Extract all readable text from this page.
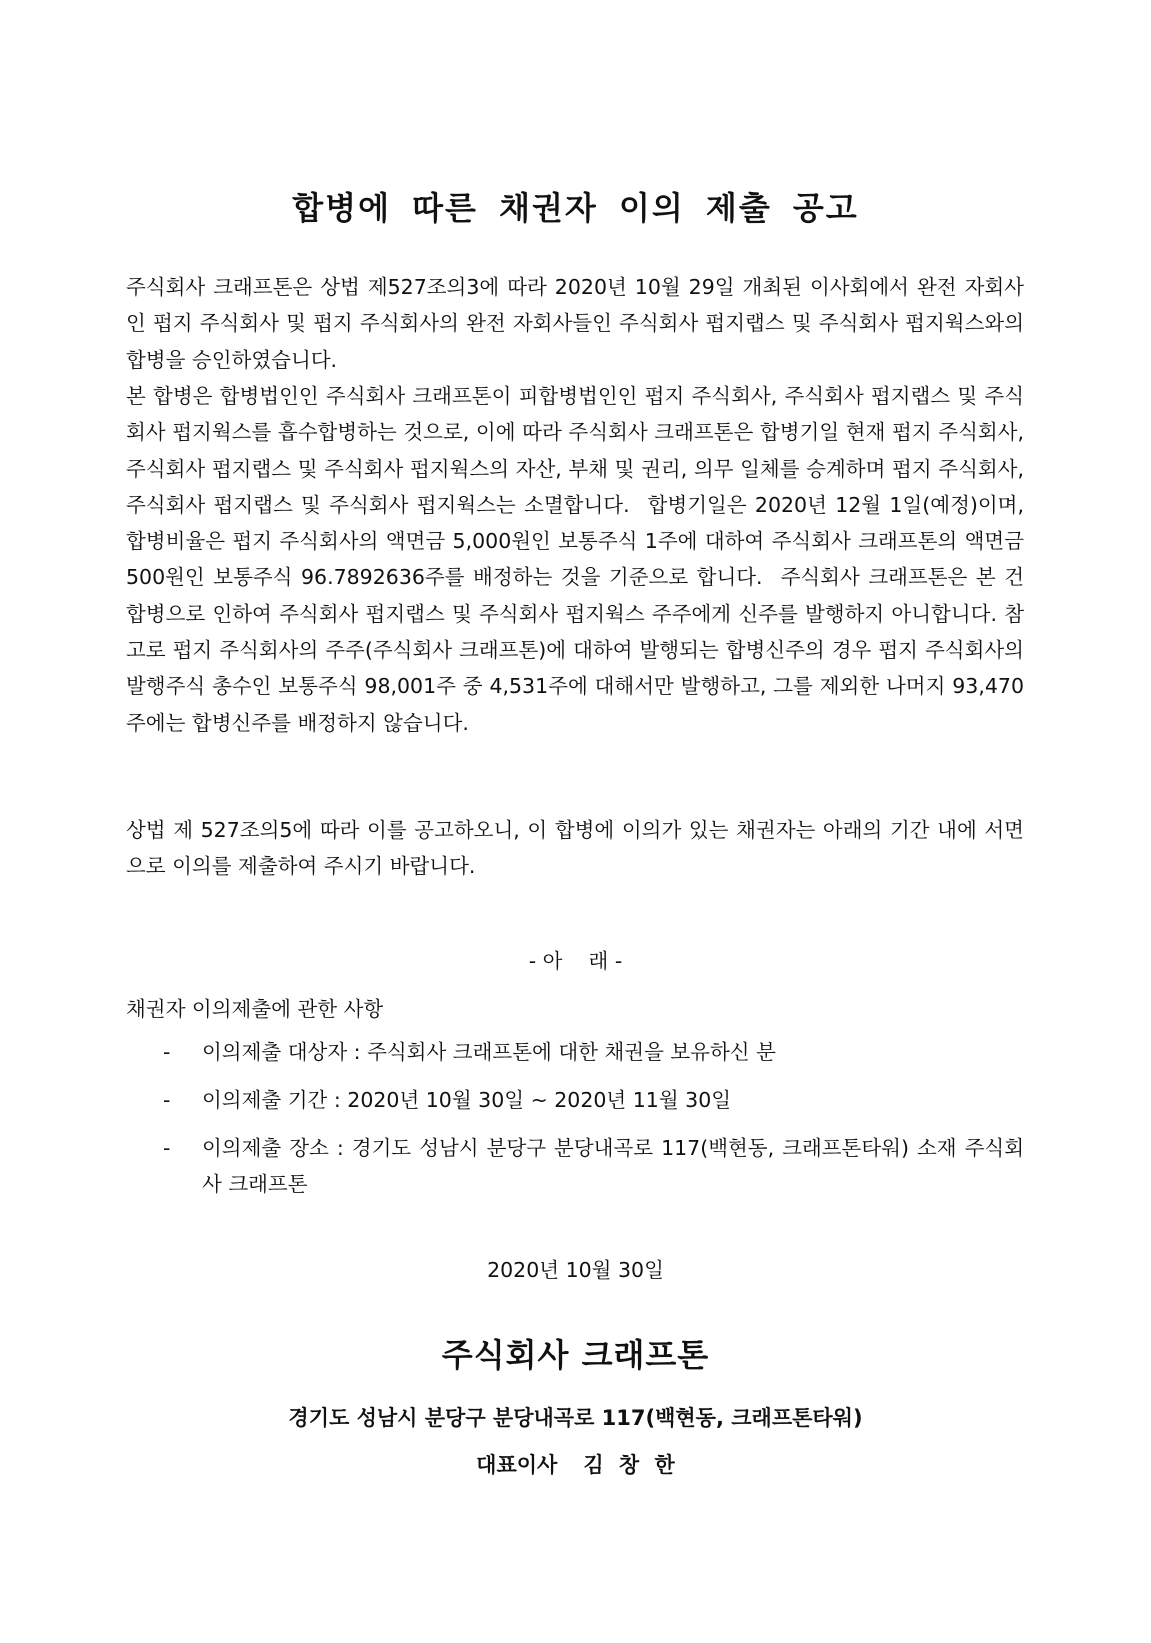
합병에 따른 채권자 이의 제출 공고

주식회사 크래프톤은 상법 제527조의3에 따라 2020년 10월 29일 개최된 이사회에서 완전 자회사인 펍지 주식회사 및 펍지 주식회사의 완전 자회사들인 주식회사 펍지랩스 및 주식회사 펍지웍스와의 합병을 승인하였습니다.

본 합병은 합병법인인 주식회사 크래프톤이 피합병법인인 펍지 주식회사, 주식회사 펍지랩스 및 주식회사 펍지웍스를 흡수합병하는 것으로, 이에 따라 주식회사 크래프톤은 합병기일 현재 펍지 주식회사, 주식회사 펍지랩스 및 주식회사 펍지웍스의 자산, 부채 및 권리, 의무 일체를 승계하며 펍지 주식회사, 주식회사 펍지랩스 및 주식회사 펍지웍스는 소멸합니다. 합병기일은 2020년 12월 1일(예정)이며, 합병비율은 펍지 주식회사의 액면금 5,000원인 보통주식 1주에 대하여 주식회사 크래프톤의 액면금 500원인 보통주식 96.7892636주를 배정하는 것을 기준으로 합니다. 주식회사 크래프톤은 본 건 합병으로 인하여 주식회사 펍지랩스 및 주식회사 펍지웍스 주주에게 신주를 발행하지 아니합니다. 참고로 펍지 주식회사의 주주(주식회사 크래프톤)에 대하여 발행되는 합병신주의 경우 펍지 주식회사의 발행주식 총수인 보통주식 98,001주 중 4,531주에 대해서만 발행하고, 그를 제외한 나머지 93,470주에는 합병신주를 배정하지 않습니다.

상법 제 527조의5에 따라 이를 공고하오니, 이 합병에 이의가 있는 채권자는 아래의 기간 내에 서면으로 이의를 제출하여 주시기 바랍니다.

- 아    래 -

채권자 이의제출에 관한 사항

- 이의제출 대상자 : 주식회사 크래프톤에 대한 채권을 보유하신 분
- 이의제출 기간 : 2020년 10월 30일 ~ 2020년 11월 30일
- 이의제출 장소 : 경기도 성남시 분당구 분당내곡로 117(백현동, 크래프톤타워) 소재 주식회사 크래프톤
2020년 10월 30일
주식회사 크래프톤
경기도 성남시 분당구 분당내곡로 117(백현동, 크래프톤타워)
대표이사 김 창 한
